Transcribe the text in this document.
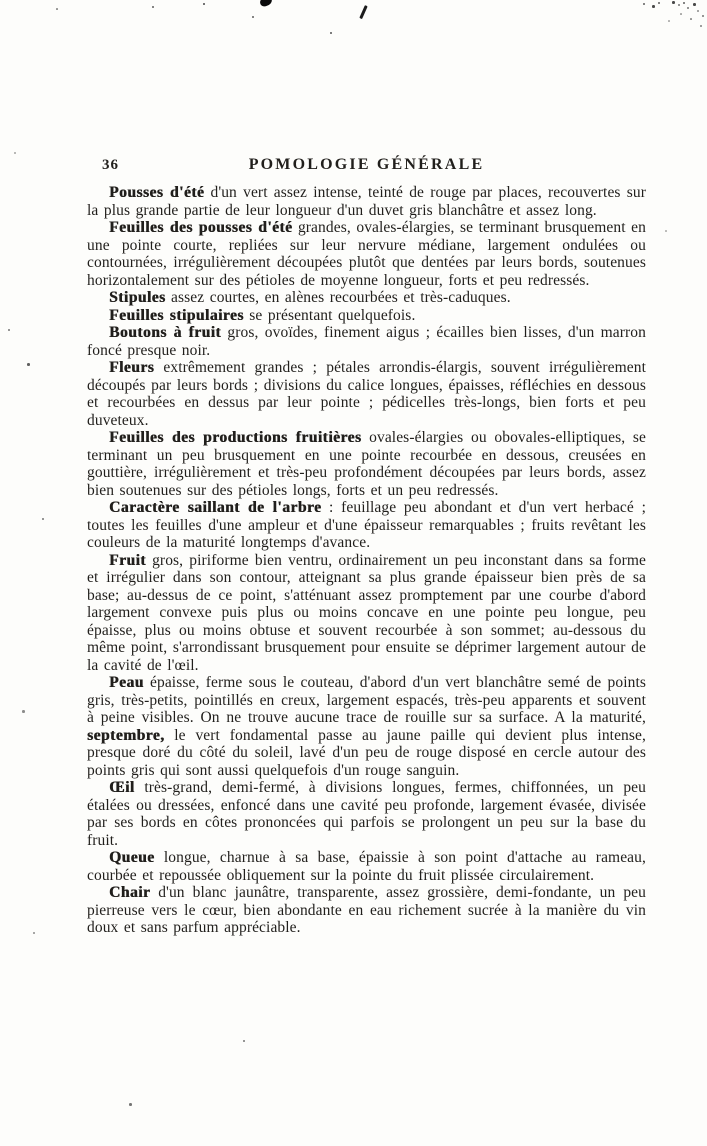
36	POMOLOGIE GÉNÉRALE

Pousses d'été d'un vert assez intense, teinté de rouge par places, recouvertes sur la plus grande partie de leur longueur d'un duvet gris blanchâtre et assez long.

Feuilles des pousses d'été grandes, ovales-élargies, se terminant brusquement en une pointe courte, repliées sur leur nervure médiane, largement ondulées ou contournées, irrégulièrement découpées plutôt que dentées par leurs bords, soutenues horizontalement sur des pétioles de moyenne longueur, forts et peu redressés.

Stipules assez courtes, en alènes recourbées et très-caduques.

Feuilles stipulaires se présentant quelquefois.

Boutons à fruit gros, ovoïdes, finement aigus ; écailles bien lisses, d'un marron foncé presque noir.

Fleurs extrêmement grandes ; pétales arrondis-élargis, souvent irrégulièrement découpés par leurs bords ; divisions du calice longues, épaisses, réfléchies en dessous et recourbées en dessus par leur pointe ; pédicelles très-longs, bien forts et peu duveteux.

Feuilles des productions fruitières ovales-élargies ou obovales-elliptiques, se terminant un peu brusquement en une pointe recourbée en dessous, creusées en gouttière, irrégulièrement et très-peu profondément découpées par leurs bords, assez bien soutenues sur des pétioles longs, forts et un peu redressés.

Caractère saillant de l'arbre : feuillage peu abondant et d'un vert herbacé ; toutes les feuilles d'une ampleur et d'une épaisseur remarquables ; fruits revêtant les couleurs de la maturité longtemps d'avance.

Fruit gros, piriforme bien ventru, ordinairement un peu inconstant dans sa forme et irrégulier dans son contour, atteignant sa plus grande épaisseur bien près de sa base; au-dessus de ce point, s'atténuant assez promptement par une courbe d'abord largement convexe puis plus ou moins concave en une pointe peu longue, peu épaisse, plus ou moins obtuse et souvent recourbée à son sommet; au-dessous du même point, s'arrondissant brusquement pour ensuite se déprimer largement autour de la cavité de l'œil.

Peau épaisse, ferme sous le couteau, d'abord d'un vert blanchâtre semé de points gris, très-petits, pointillés en creux, largement espacés, très-peu apparents et souvent à peine visibles. On ne trouve aucune trace de rouille sur sa surface. A la maturité, septembre, le vert fondamental passe au jaune paille qui devient plus intense, presque doré du côté du soleil, lavé d'un peu de rouge disposé en cercle autour des points gris qui sont aussi quelquefois d'un rouge sanguin.

Œil très-grand, demi-fermé, à divisions longues, fermes, chiffonnées, un peu étalées ou dressées, enfoncé dans une cavité peu profonde, largement évasée, divisée par ses bords en côtes prononcées qui parfois se prolongent un peu sur la base du fruit.

Queue longue, charnue à sa base, épaissie à son point d'attache au rameau, courbée et repoussée obliquement sur la pointe du fruit plissée circulairement.

Chair d'un blanc jaunâtre, transparente, assez grossière, demi-fondante, un peu pierreuse vers le cœur, bien abondante en eau richement sucrée à la manière du vin doux et sans parfum appréciable.
